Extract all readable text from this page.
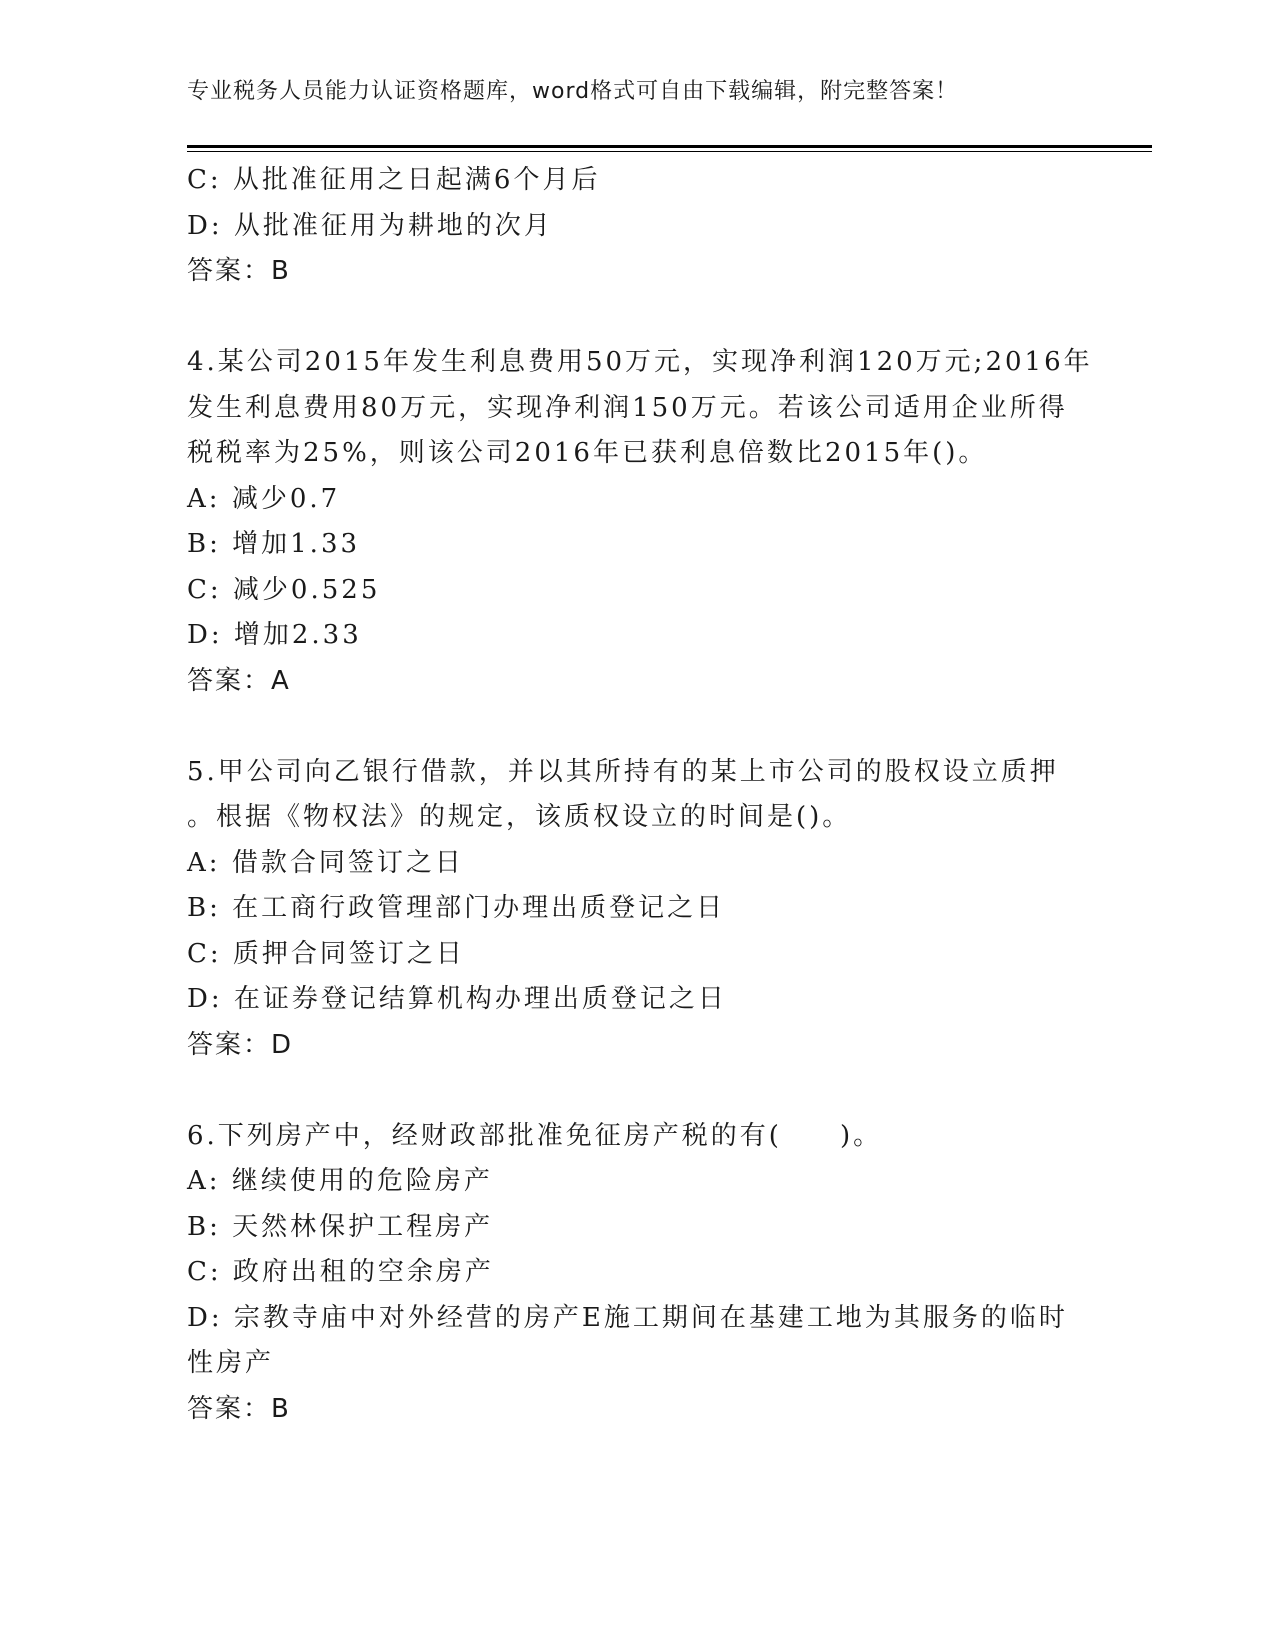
专业税务人员能力认证资格题库，word格式可自由下载编辑，附完整答案！
C: 从批准征用之日起满6个月后
D: 从批准征用为耕地的次月
答案：B
4.某公司2015年发生利息费用50万元，实现净利润120万元;2016年
发生利息费用80万元，实现净利润150万元。若该公司适用企业所得
税税率为25%，则该公司2016年已获利息倍数比2015年()。
A: 减少0.7
B: 增加1.33
C: 减少0.525
D: 增加2.33
答案：A
5.甲公司向乙银行借款，并以其所持有的某上市公司的股权设立质押
。根据《物权法》的规定，该质权设立的时间是()。
A: 借款合同签订之日
B: 在工商行政管理部门办理出质登记之日
C: 质押合同签订之日
D: 在证券登记结算机构办理出质登记之日
答案：D
6.下列房产中，经财政部批准免征房产税的有(　　)。
A: 继续使用的危险房产
B: 天然林保护工程房产
C: 政府出租的空余房产
D: 宗教寺庙中对外经营的房产E施工期间在基建工地为其服务的临时
性房产
答案：B
